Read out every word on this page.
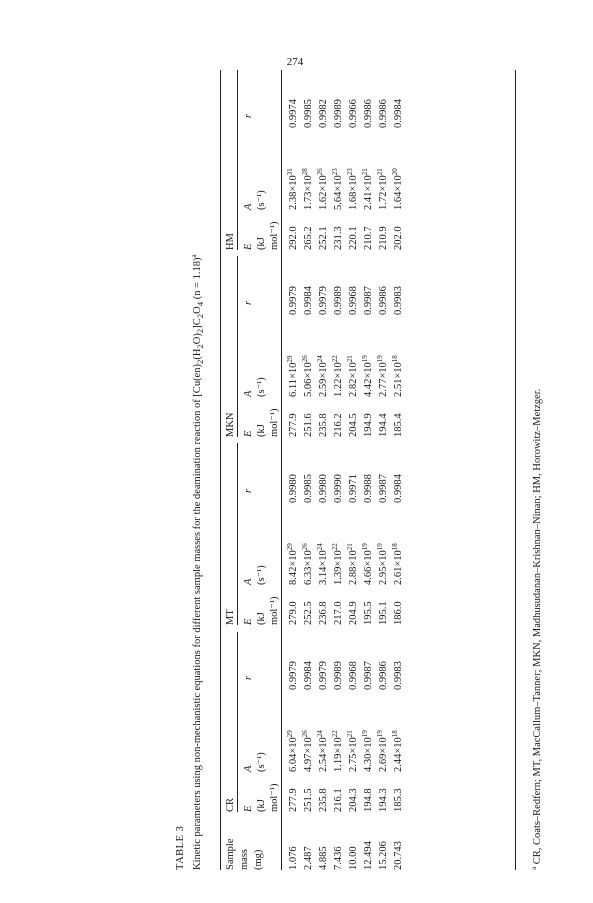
274
TABLE 3 Kinetic parameters using non-mechanistic equations for different sample masses for the deamination reaction of $[Cu(en)_2(H_2O)_2]C_2O_4$ (n = 1.18)$^a$
Sample mass (mg)
CR
MT
MKN
HM
E (kJ mol⁻¹)
A (s⁻¹)
r
E (kJ mol⁻¹)
A (s⁻¹)
r
E (kJ mol⁻¹)
A (s⁻¹)
r
E (kJ mol⁻¹)
A (s⁻¹)
r
1.076
277.9
$6.04\times 10^{29}$
0.9979
279.0
$8.42\times 10^{29}$
0.9980
277.9
$6.11\times 10^{29}$
0.9979
292.0
$2.38\times 10^{31}$
0.9974
2.487
251.5
$4.97\times 10^{26}$
0.9984
252.5
$6.33\times 10^{26}$
0.9985
251.6
$5.06\times 10^{26}$
0.9984
265.2
$1.73\times 10^{28}$
0.9985
4.885
235.8
$2.54\times 10^{24}$
0.9979
236.8
$3.14\times 10^{24}$
0.9980
235.8
$2.59\times 10^{24}$
0.9979
252.1
$1.62\times 10^{26}$
0.9982
7.436
216.1
$1.19\times 10^{22}$
0.9989
217.0
$1.39\times 10^{22}$
0.9990
216.2
$1.22\times 10^{22}$
0.9989
231.3
$5.64\times 10^{23}$
0.9989
10.00
204.3
$2.75\times 10^{21}$
0.9968
204.9
$2.88\times 10^{21}$
0.9971
204.5
$2.82\times 10^{21}$
0.9968
220.1
$1.68\times 10^{23}$
0.9966
12.494
194.8
$4.30\times 10^{19}$
0.9987
195.5
$4.66\times 10^{19}$
0.9988
194.9
$4.42\times 10^{19}$
0.9987
210.7
$2.41\times 10^{21}$
0.9986
15.206
194.3
$2.69\times 10^{19}$
0.9986
195.1
$2.95\times 10^{19}$
0.9987
194.4
$2.77\times 10^{19}$
0.9986
210.9
$1.72\times 10^{21}$
0.9986
20.743
185.3
$2.44\times 10^{18}$
0.9983
186.0
$2.61\times 10^{18}$
0.9984
185.4
$2.51\times 10^{18}$
0.9983
202.0
$1.64\times 10^{20}$
0.9984
$^a$ CR, Coats–Redfern; MT, MacCallum–Tanner; MKN, Madhusudanan–Krishnan–Ninan; HM, Horowitz–Metzger.
